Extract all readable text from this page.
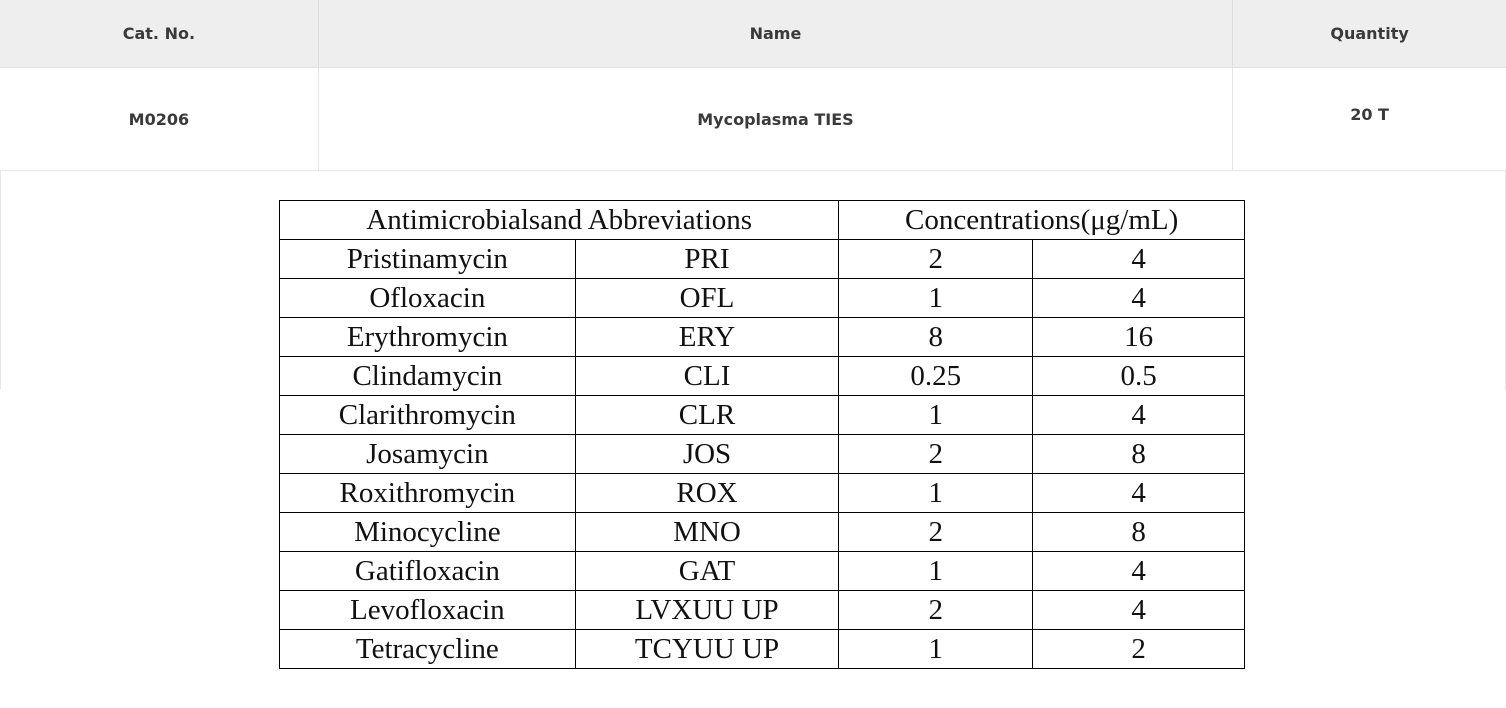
Cat. No.	Name	Quantity
M0206	Mycoplasma TIES	20 T
Antimicrobialsand Abbreviations		Concentrations(μg/mL)	
Pristinamycin	PRI	2	4
Ofloxacin	OFL	1	4
Erythromycin	ERY	8	16
Clindamycin	CLI	0.25	0.5
Clarithromycin	CLR	1	4
Josamycin	JOS	2	8
Roxithromycin	ROX	1	4
Minocycline	MNO	2	8
Gatifloxacin	GAT	1	4
Levofloxacin	LVXUU UP	2	4
Tetracycline	TCYUU UP	1	2
